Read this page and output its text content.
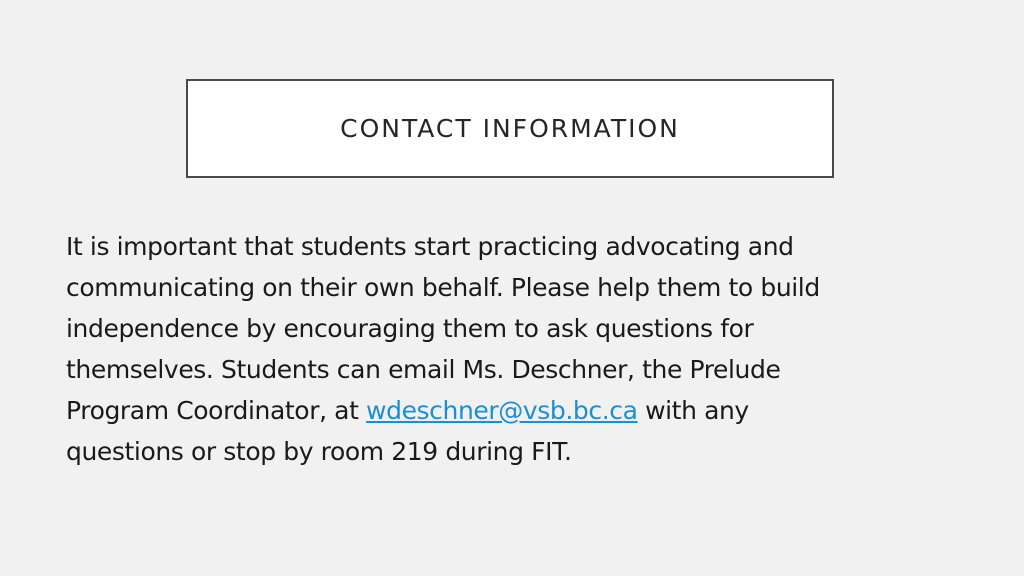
CONTACT INFORMATION
It is important that students start practicing advocating and
communicating on their own behalf. Please help them to build
independence by encouraging them to ask questions for
themselves. Students can email Ms. Deschner, the Prelude
Program Coordinator, at wdeschner@vsb.bc.ca with any
questions or stop by room 219 during FIT.
